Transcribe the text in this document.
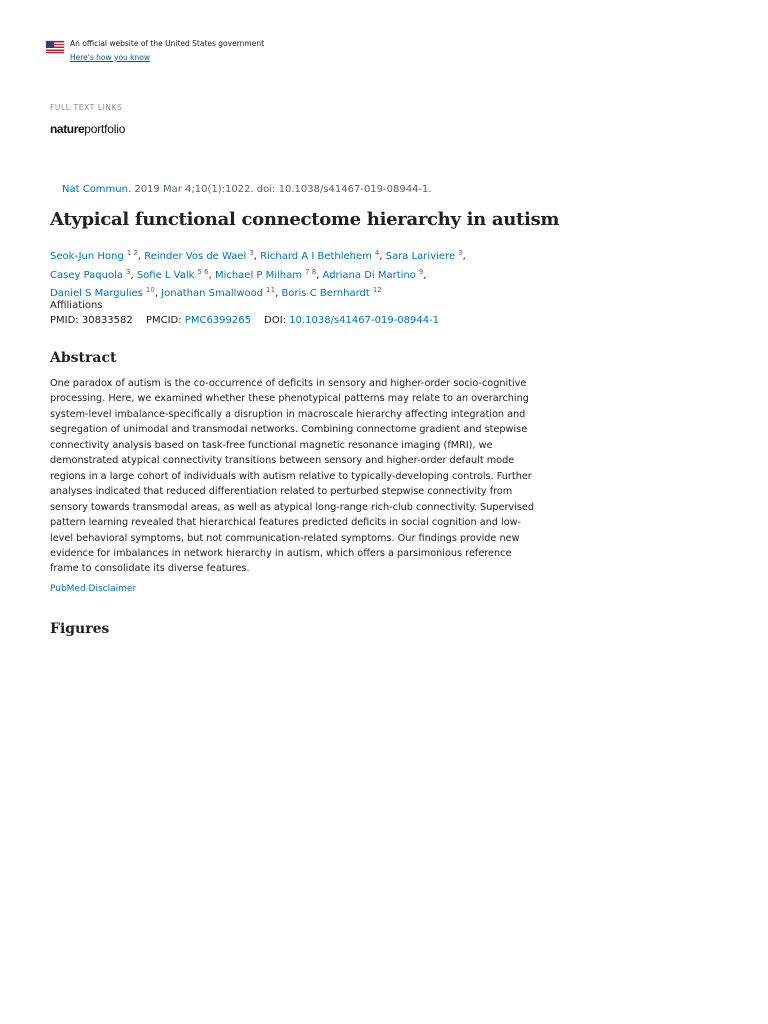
An official website of the United States government
Here's how you know
FULL TEXT LINKS
natureportfolio
Nat Commun. 2019 Mar 4;10(1):1022. doi: 10.1038/s41467-019-08944-1.
Atypical functional connectome hierarchy in autism
Seok-Jun Hong $^{1 2}$, Reinder Vos de Wael $^3$, Richard A I Bethlehem $^4$, Sara Lariviere $^3$,
Casey Paquola $^3$, Sofie L Valk $^{5 6}$, Michael P Milham $^{7 8}$, Adriana Di Martino $^9$,
Daniel S Margulies $^{10}$, Jonathan Smallwood $^{11}$, Boris C Bernhardt $^{12}$
Affiliations
PMID: 30833582 PMCID: PMC6399265 DOI: 10.1038/s41467-019-08944-1
Abstract

One paradox of autism is the co-occurrence of deficits in sensory and higher-order socio-cognitive processing. Here, we examined whether these phenotypical patterns may relate to an overarching system-level imbalance-specifically a disruption in macroscale hierarchy affecting integration and segregation of unimodal and transmodal networks. Combining connectome gradient and stepwise connectivity analysis based on task-free functional magnetic resonance imaging (fMRI), we demonstrated atypical connectivity transitions between sensory and higher-order default mode regions in a large cohort of individuals with autism relative to typically-developing controls. Further analyses indicated that reduced differentiation related to perturbed stepwise connectivity from sensory towards transmodal areas, as well as atypical long-range rich-club connectivity. Supervised pattern learning revealed that hierarchical features predicted deficits in social cognition and low-level behavioral symptoms, but not communication-related symptoms. Our findings provide new evidence for imbalances in network hierarchy in autism, which offers a parsimonious reference frame to consolidate its diverse features.

PubMed Disclaimer
Figures
